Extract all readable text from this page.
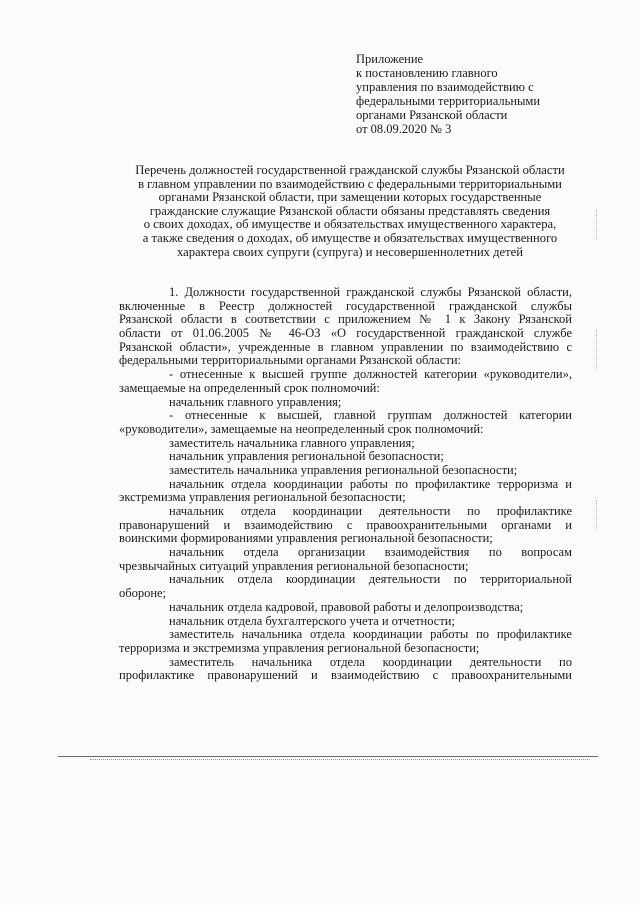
Приложение
к постановлению главного
управления по взаимодействию с
федеральными территориальными
органами Рязанской области
от 08.09.2020 № 3
Перечень должностей государственной гражданской службы Рязанской области
в главном управлении по взаимодействию с федеральными территориальными
органами Рязанской области, при замещении которых государственные
гражданские служащие Рязанской области обязаны представлять сведения
о своих доходах, об имуществе и обязательствах имущественного характера,
а также сведения о доходах, об имуществе и обязательствах имущественного
характера своих супруги (супруга) и несовершеннолетних детей
1. Должности государственной гражданской службы Рязанской области,
включенные в Реестр должностей государственной гражданской службы
Рязанской области в соответствии с приложением № 1 к Закону Рязанской
области от 01.06.2005 № 46-ОЗ «О государственной гражданской службе
Рязанской области», учрежденные в главном управлении по взаимодействию с
федеральными территориальными органами Рязанской области:
- отнесенные к высшей группе должностей категории «руководители»,
замещаемые на определенный срок полномочий:
начальник главного управления;
- отнесенные к высшей, главной группам должностей категории
«руководители», замещаемые на неопределенный срок полномочий:
заместитель начальника главного управления;
начальник управления региональной безопасности;
заместитель начальника управления региональной безопасности;
начальник отдела координации работы по профилактике терроризма и
экстремизма управления региональной безопасности;
начальник отдела координации деятельности по профилактике
правонарушений и взаимодействию с правоохранительными органами и
воинскими формированиями управления региональной безопасности;
начальник отдела организации взаимодействия по вопросам
чрезвычайных ситуаций управления региональной безопасности;
начальник отдела координации деятельности по территориальной
обороне;
начальник отдела кадровой, правовой работы и делопроизводства;
начальник отдела бухгалтерского учета и отчетности;
заместитель начальника отдела координации работы по профилактике
терроризма и экстремизма управления региональной безопасности;
заместитель начальника отдела координации деятельности по
профилактике правонарушений и взаимодействию с правоохранительными
